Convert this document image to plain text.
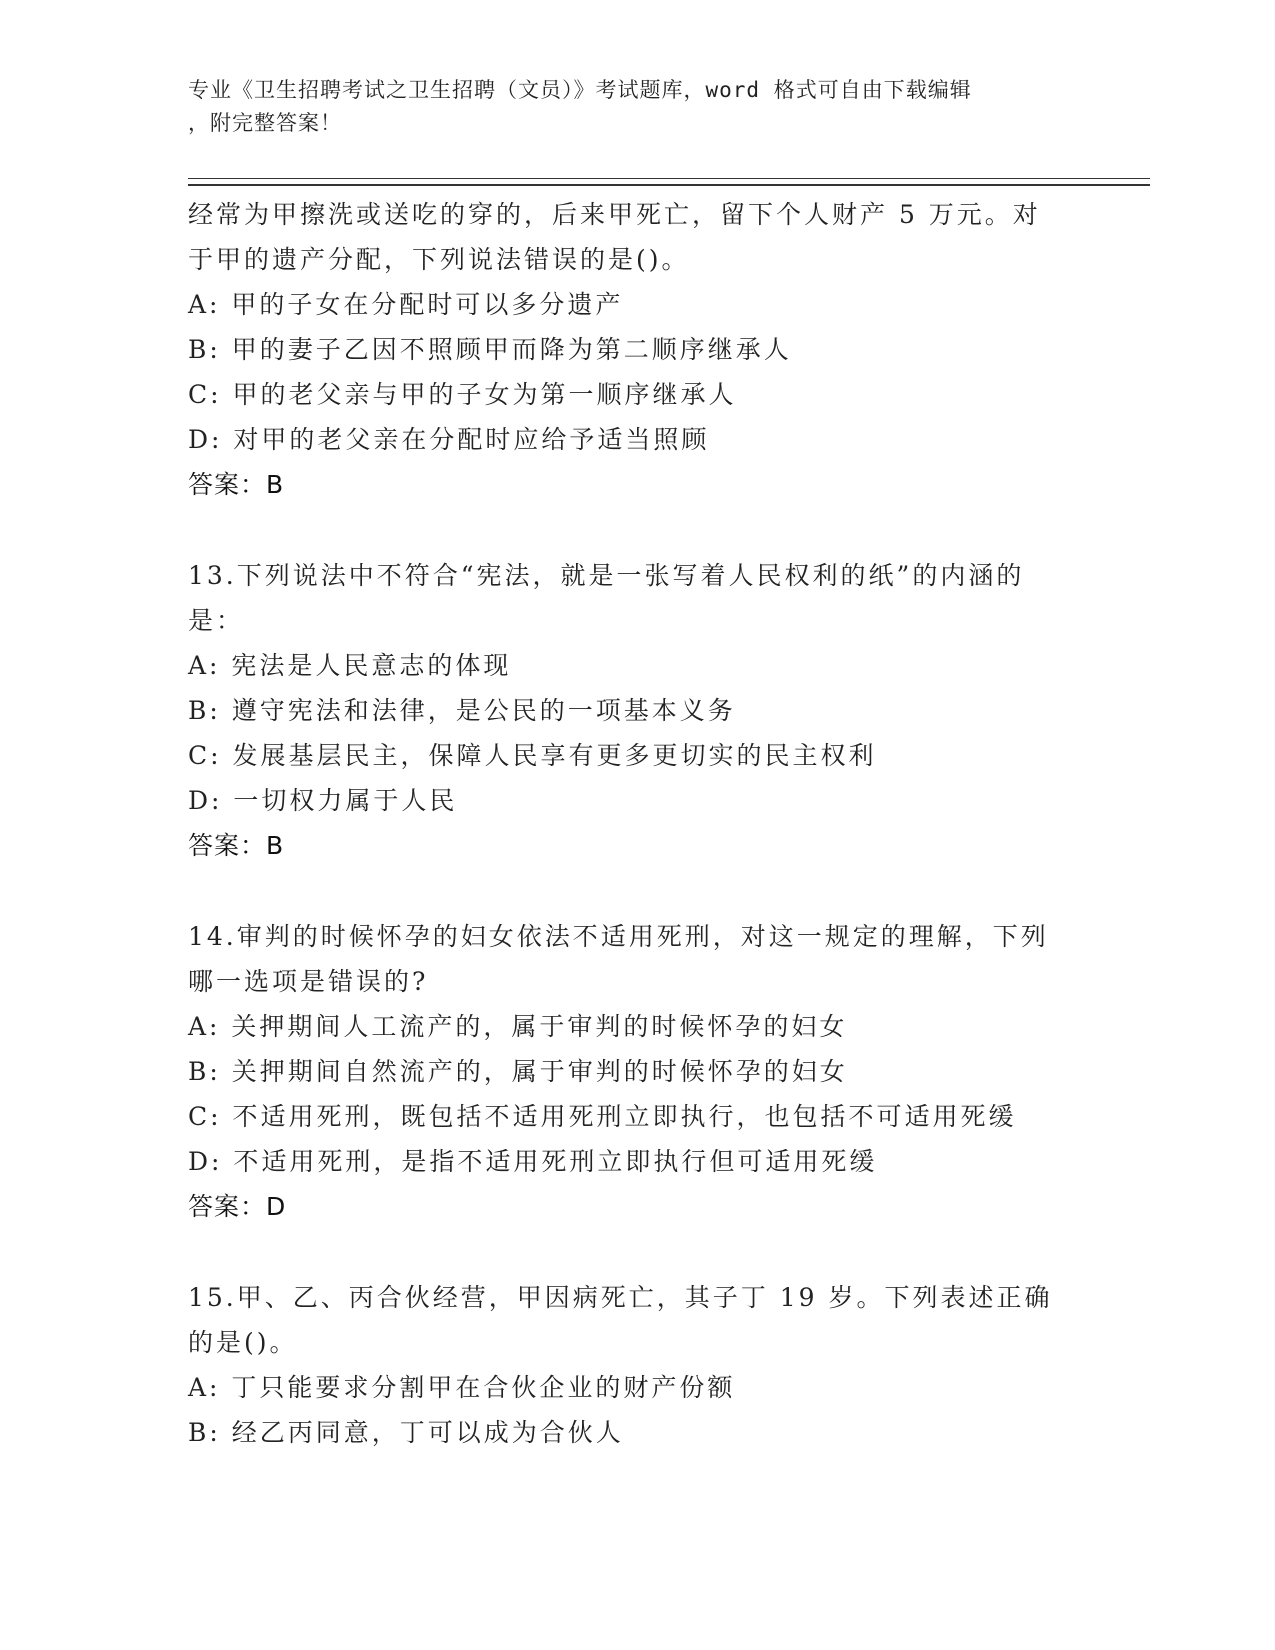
专业《卫生招聘考试之卫生招聘（文员）》考试题库，word 格式可自由下载编辑
，附完整答案！
经常为甲擦洗或送吃的穿的，后来甲死亡，留下个人财产 5 万元。对
于甲的遗产分配，下列说法错误的是()。
A: 甲的子女在分配时可以多分遗产
B: 甲的妻子乙因不照顾甲而降为第二顺序继承人
C: 甲的老父亲与甲的子女为第一顺序继承人
D: 对甲的老父亲在分配时应给予适当照顾
答案：B
13.下列说法中不符合“宪法，就是一张写着人民权利的纸”的内涵的
是：
A: 宪法是人民意志的体现
B: 遵守宪法和法律，是公民的一项基本义务
C: 发展基层民主，保障人民享有更多更切实的民主权利
D: 一切权力属于人民
答案：B
14.审判的时候怀孕的妇女依法不适用死刑，对这一规定的理解，下列
哪一选项是错误的?
A: 关押期间人工流产的，属于审判的时候怀孕的妇女
B: 关押期间自然流产的，属于审判的时候怀孕的妇女
C: 不适用死刑，既包括不适用死刑立即执行，也包括不可适用死缓
D: 不适用死刑，是指不适用死刑立即执行但可适用死缓
答案：D
15.甲、乙、丙合伙经营，甲因病死亡，其子丁 19 岁。下列表述正确
的是()。
A: 丁只能要求分割甲在合伙企业的财产份额
B: 经乙丙同意，丁可以成为合伙人
